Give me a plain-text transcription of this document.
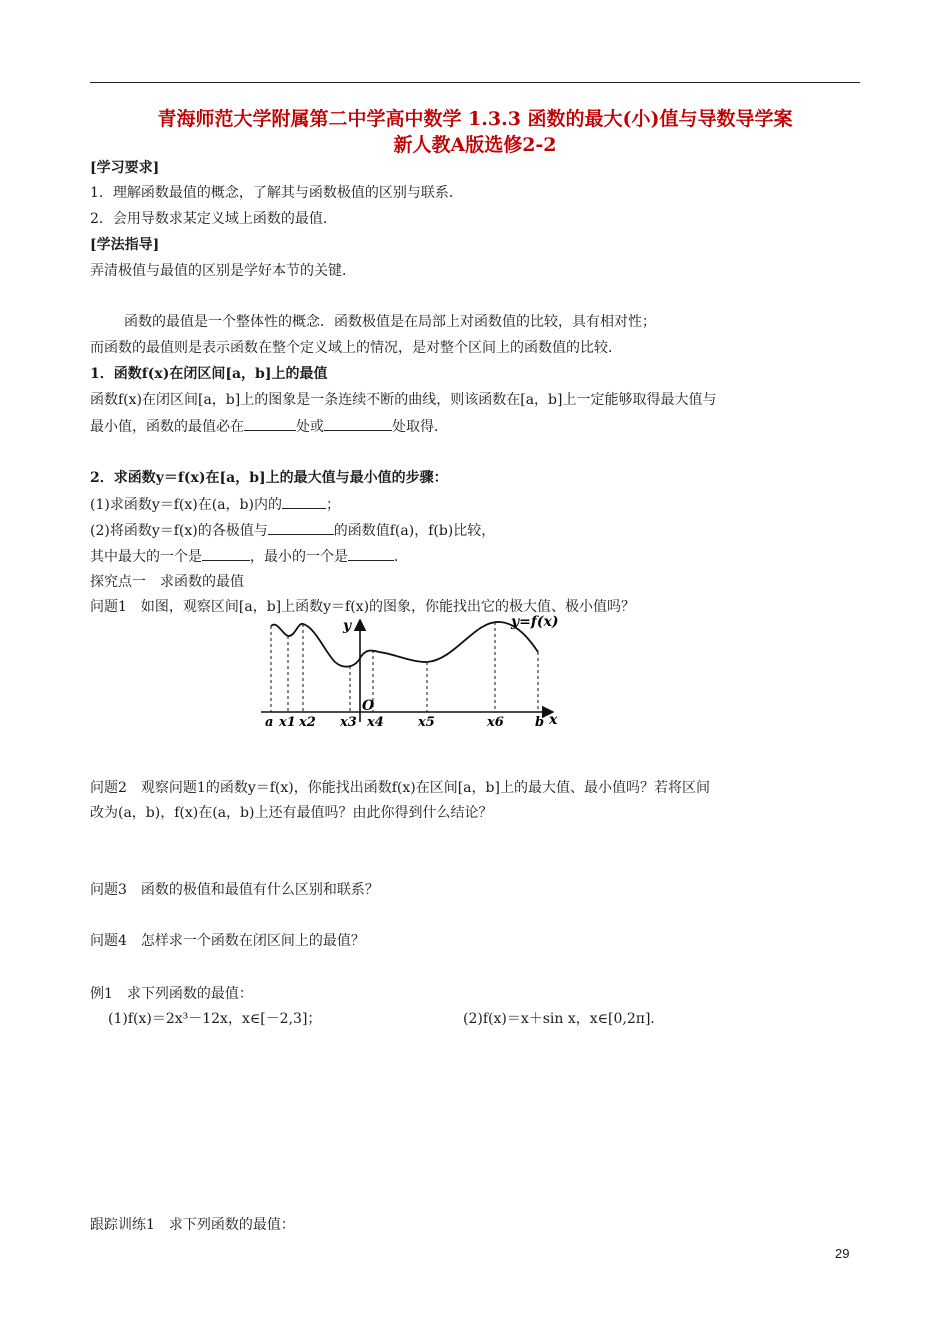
青海师范大学附属第二中学高中数学 1.3.3 函数的最大(小)值与导数导学案
新人教A版选修2-2
[学习要求]
1．理解函数最值的概念，了解其与函数极值的区别与联系．
2．会用导数求某定义域上函数的最值．
[学法指导]
弄清极值与最值的区别是学好本节的关键．
函数的最值是一个整体性的概念．函数极值是在局部上对函数值的比较，具有相对性；
而函数的最值则是表示函数在整个定义域上的情况，是对整个区间上的函数值的比较．
1．函数f(x)在闭区间[a，b]上的最值
函数f(x)在闭区间[a，b]上的图象是一条连续不断的曲线，则该函数在[a，b]上一定能够取得最大值与
最小值，函数的最值必在	处或	处取得．
2．求函数y＝f(x)在[a，b]上的最大值与最小值的步骤：
(1)求函数y＝f(x)在(a，b)内的	；
(2)将函数y＝f(x)的各极值与	的函数值f(a)，f(b)比较，
其中最大的一个是	，最小的一个是	．
探究点一　求函数的最值
问题1　如图，观察区间[a，b]上函数y＝f(x)的图象，你能找出它的极大值、极小值吗？
y=f(x)
y
O
x
a x1 x2 x3 x4	x5	x6 b
问题2　观察问题1的函数y＝f(x)，你能找出函数f(x)在区间[a，b]上的最大值、最小值吗？若将区间
改为(a，b)，f(x)在(a，b)上还有最值吗？由此你得到什么结论？
问题3　函数的极值和最值有什么区别和联系？
问题4　怎样求一个函数在闭区间上的最值？
例1　求下列函数的最值：
(1)f(x)＝2x³－12x，x∈[－2,3]；	(2)f(x)＝x＋sin x，x∈[0,2π]．
跟踪训练1　求下列函数的最值：
29
